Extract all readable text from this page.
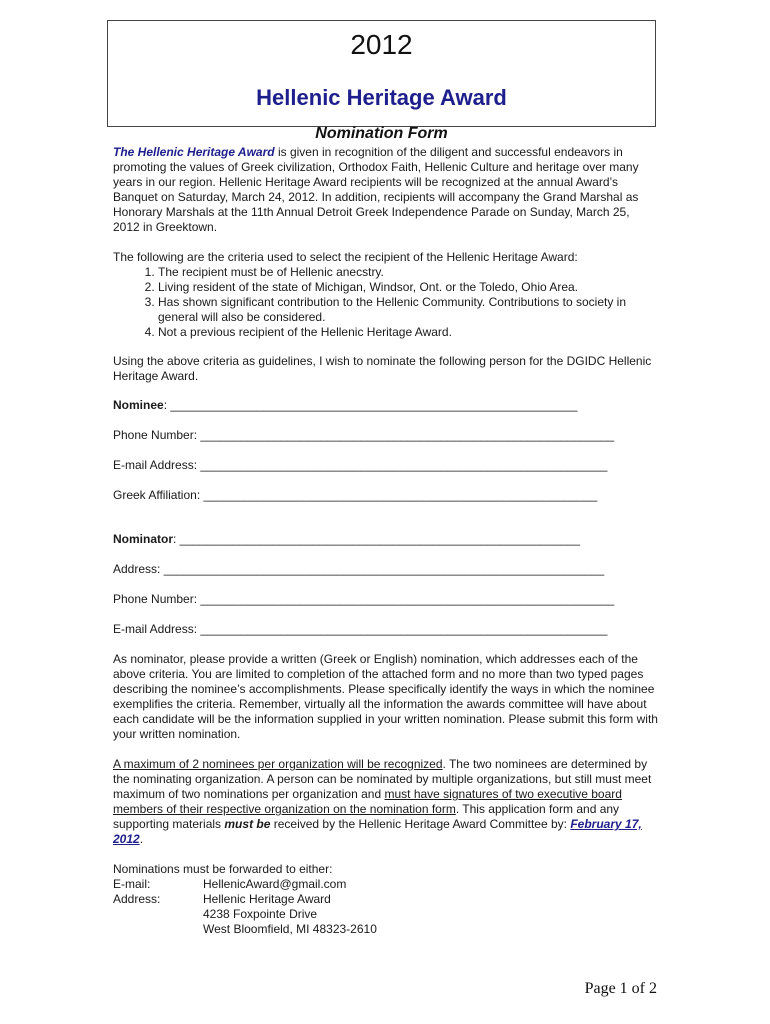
2012
Hellenic Heritage Award
Nomination Form

The Hellenic Heritage Award is given in recognition of the diligent and successful endeavors in promoting the values of Greek civilization, Orthodox Faith, Hellenic Culture and heritage over many years in our region. Hellenic Heritage Award recipients will be recognized at the annual Award’s Banquet on Saturday, March 24, 2012. In addition, recipients will accompany the Grand Marshal as Honorary Marshals at the 11th Annual Detroit Greek Independence Parade on Sunday, March 25, 2012 in Greektown.

The following are the criteria used to select the recipient of the Hellenic Heritage Award:

1. The recipient must be of Hellenic anecstry.
2. Living resident of the state of Michigan, Windsor, Ont. or the Toledo, Ohio Area.
3. Has shown significant contribution to the Hellenic Community. Contributions to society in general will also be considered.
4. Not a previous recipient of the Hellenic Heritage Award.

Using the above criteria as guidelines, I wish to nominate the following person for the DGIDC Hellenic Heritage Award.

Nominee: _____________________________________________________________

Phone Number: ______________________________________________________________

E-mail Address: _____________________________________________________________

Greek Affiliation: ___________________________________________________________

Nominator: ____________________________________________________________

Address: __________________________________________________________________

Phone Number: ______________________________________________________________

E-mail Address: _____________________________________________________________

As nominator, please provide a written (Greek or English) nomination, which addresses each of the above criteria. You are limited to completion of the attached form and no more than two typed pages describing the nominee’s accomplishments. Please specifically identify the ways in which the nominee exemplifies the criteria. Remember, virtually all the information the awards committee will have about each candidate will be the information supplied in your written nomination. Please submit this form with your written nomination.

A maximum of 2 nominees per organization will be recognized. The two nominees are determined by the nominating organization. A person can be nominated by multiple organizations, but still must meet maximum of two nominations per organization and must have signatures of two executive board members of their respective organization on the nomination form. This application form and any supporting materials must be received by the Hellenic Heritage Award Committee by: February 17, 2012.

Nominations must be forwarded to either:

E-mail:	HellenicAward@gmail.com
Address:	Hellenic Heritage Award
4238 Foxpointe Drive
West Bloomfield, MI 48323-2610
Page 1 of 2
